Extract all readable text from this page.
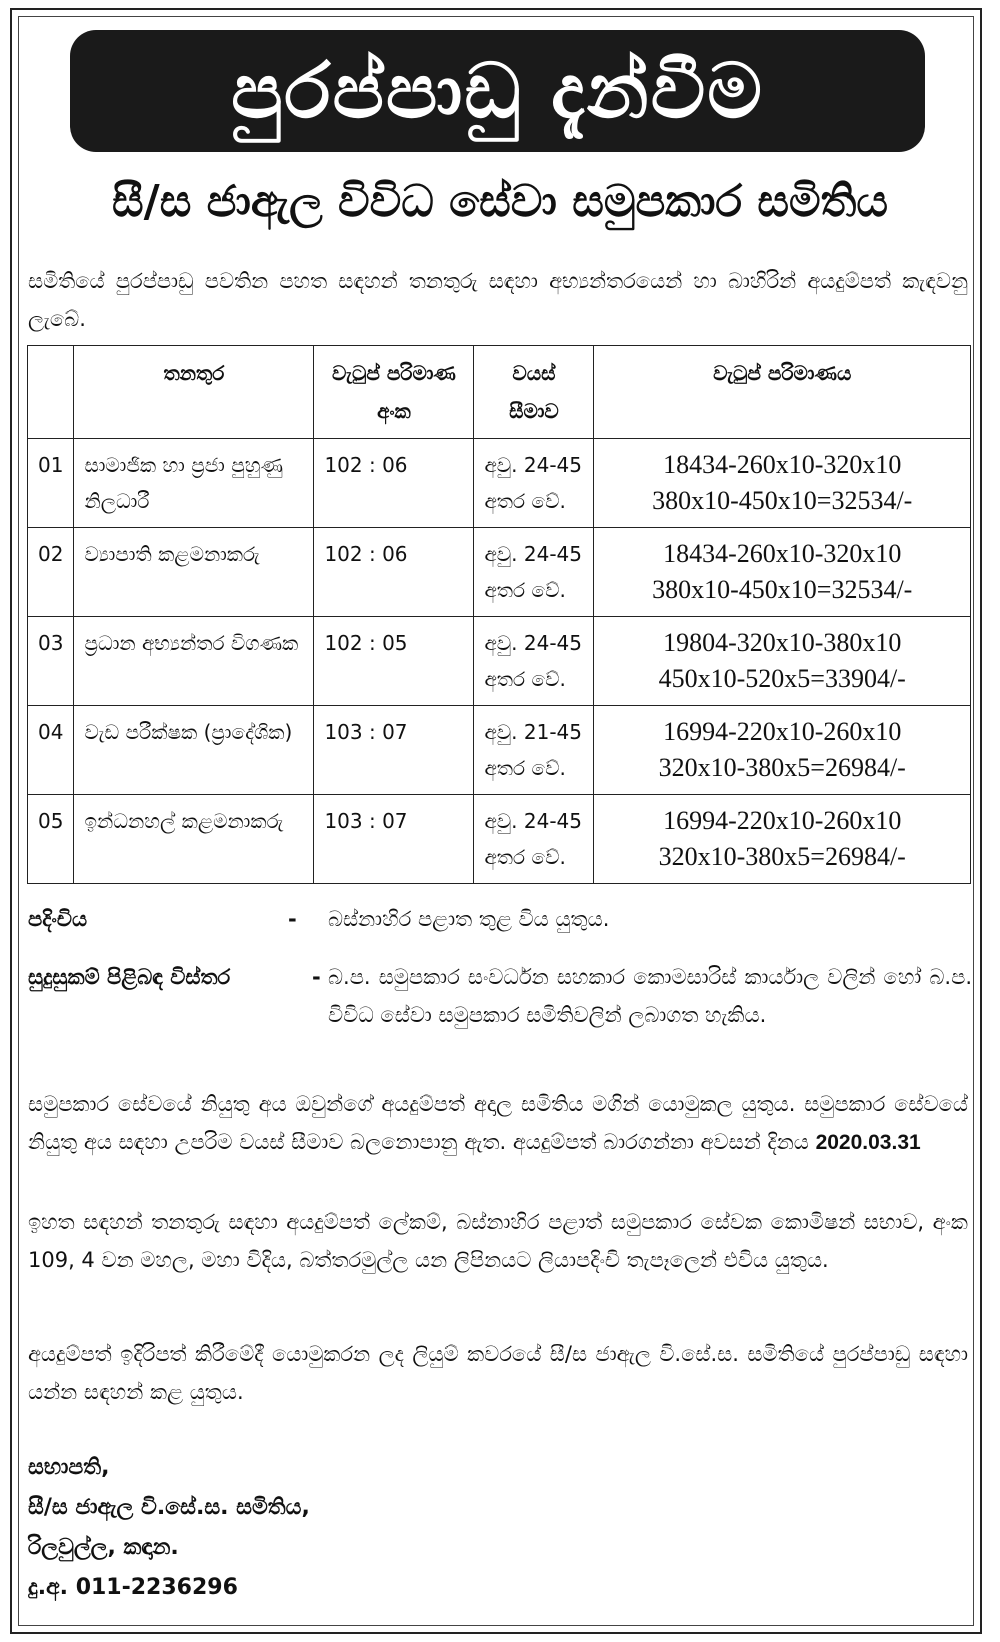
පුරප්පාඩු දැන්වීම
සී/ස ජාඇල විවිධ සේවා සමුපකාර සමිතිය
සමිතියේ පුරප්පාඩු පවතින පහත සඳහන් තනතුරු සඳහා අභ්‍යන්තරයෙන් හා බාහිරින් අයදුම්පත් කැඳවනු ලැබේ.
	තනතුර	වැටුප් පරිමාණ අංක	වයස් සීමාව	වැටුප් පරිමාණය
01	සාමාජික හා ප්‍රජා පුහුණු නිලධාරී	102 : 06	අවු. 24-45 අතර වේ.	18434-260x10-320x10
380x10-450x10=32534/-

02	ව්‍යාපාති කළමනාකරු	102 : 06	අවු. 24-45 අතර වේ.	18434-260x10-320x10
380x10-450x10=32534/-

03	ප්‍රධාන අභ්‍යන්තර විගණක	102 : 05	අවු. 24-45 අතර වේ.	19804-320x10-380x10
450x10-520x5=33904/-

04	වැඩ පරීක්ෂක (ප්‍රාදේශික)	103 : 07	අවු. 21-45 අතර වේ.	16994-220x10-260x10
320x10-380x5=26984/-

05	ඉන්ධනහල් කළමනාකරු	103 : 07	අවු. 24-45 අතර වේ.	16994-220x10-260x10
320x10-380x5=26984/-
පදිංචිය	- බස්නාහිර පළාත තුළ විය යුතුය.
සුදුසුකම් පිළිබඳ විස්තර	- බ.ප. සමුපකාර සංවර්ධන සහකාර කොමසාරිස් කාර්යාල වලින් හෝ බ.ප. විවිධ සේවා සමුපකාර සමිතිවලින් ලබාගත හැකිය.
සමුපකාර සේවයේ නියුතු අය ඔවුන්ගේ අයදුම්පත් අදාල සමිතිය මගින් යොමුකල යුතුය. සමුපකාර සේවයේ නියුතු අය සඳහා උපරිම වයස් සීමාව බලනොපානු ඇත. අයදුම්පත් බාරගන්නා අවසන් දිනය 2020.03.31
ඉහත සඳහන් තනතුරු සඳහා අයදුම්පත් ලේකම්, බස්නාහිර පළාත් සමුපකාර සේවක කොමිෂන් සභාව, අංක 109, 4 වන මහල, මහා විදිය, බත්තරමුල්ල යන ලිපිනයට ලියාපදිංචි තැපෑලෙන් එවිය යුතුය.
අයදුම්පත් ඉදිරිපත් කිරීමේදී යොමුකරන ලද ලියුම් කවරයේ සී/ස ජාඇල වි.සේ.ස. සමිතියේ පුරප්පාඩු සඳහා යන්න සඳහන් කළ යුතුය.
සභාපති,
සී/ස ජාඇල වි.සේ.ස. සමිතිය,
රිලවුල්ල, කඳාන.
දු.අ. 011-2236296
